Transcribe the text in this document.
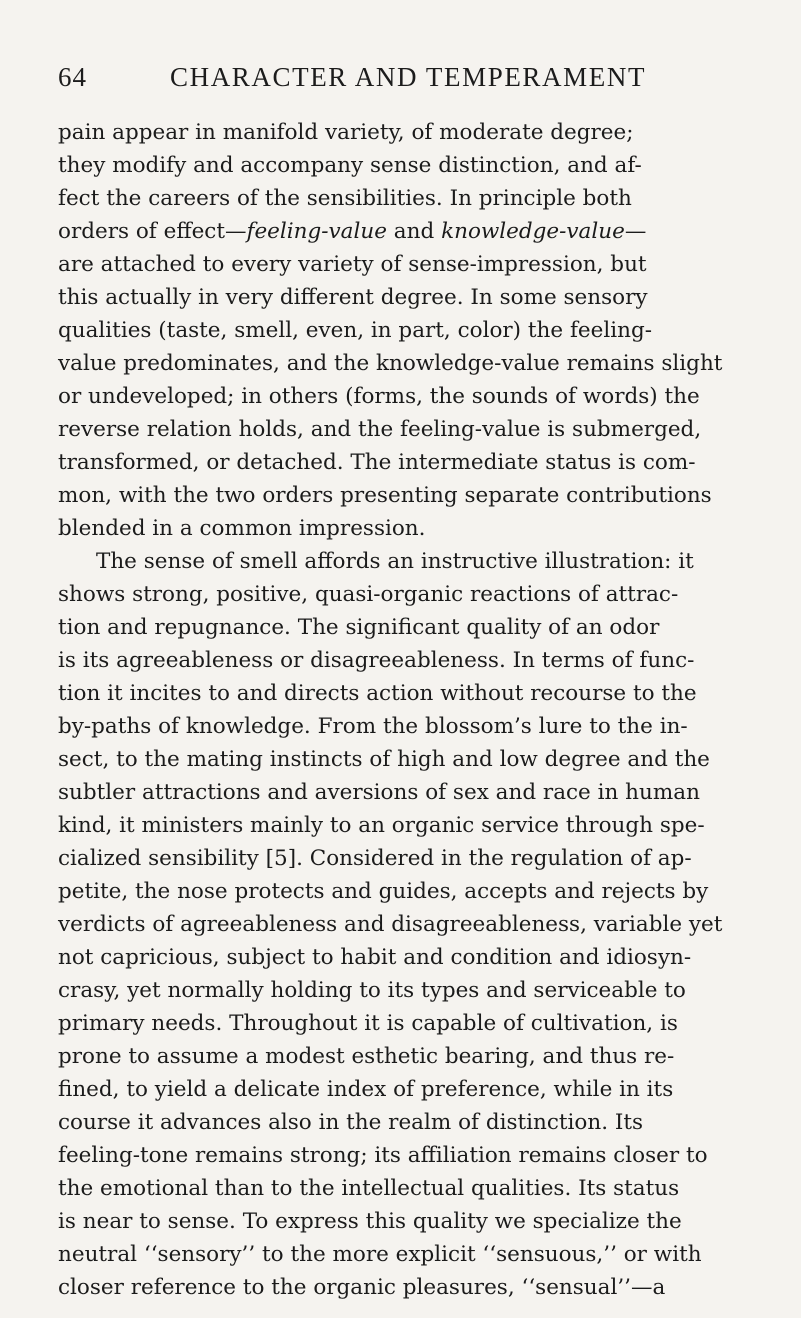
64	CHARACTER AND TEMPERAMENT
pain appear in manifold variety, of moderate degree;
they modify and accompany sense distinction, and af-
fect the careers of the sensibilities. In principle both
orders of effect—feeling-value and knowledge-value—
are attached to every variety of sense-impression, but
this actually in very different degree. In some sensory
qualities (taste, smell, even, in part, color) the feeling-
value predominates, and the knowledge-value remains slight
or undeveloped; in others (forms, the sounds of words) the
reverse relation holds, and the feeling-value is submerged,
transformed, or detached. The intermediate status is com-
mon, with the two orders presenting separate contributions
blended in a common impression.
The sense of smell affords an instructive illustration: it
shows strong, positive, quasi-organic reactions of attrac-
tion and repugnance. The significant quality of an odor
is its agreeableness or disagreeableness. In terms of func-
tion it incites to and directs action without recourse to the
by-paths of knowledge. From the blossom’s lure to the in-
sect, to the mating instincts of high and low degree and the
subtler attractions and aversions of sex and race in human
kind, it ministers mainly to an organic service through spe-
cialized sensibility [5]. Considered in the regulation of ap-
petite, the nose protects and guides, accepts and rejects by
verdicts of agreeableness and disagreeableness, variable yet
not capricious, subject to habit and condition and idiosyn-
crasy, yet normally holding to its types and serviceable to
primary needs. Throughout it is capable of cultivation, is
prone to assume a modest esthetic bearing, and thus re-
fined, to yield a delicate index of preference, while in its
course it advances also in the realm of distinction. Its
feeling-tone remains strong; its affiliation remains closer to
the emotional than to the intellectual qualities. Its status
is near to sense. To express this quality we specialize the
neutral ‘‘sensory’’ to the more explicit ‘‘sensuous,’’ or with
closer reference to the organic pleasures, ‘‘sensual’’—a
